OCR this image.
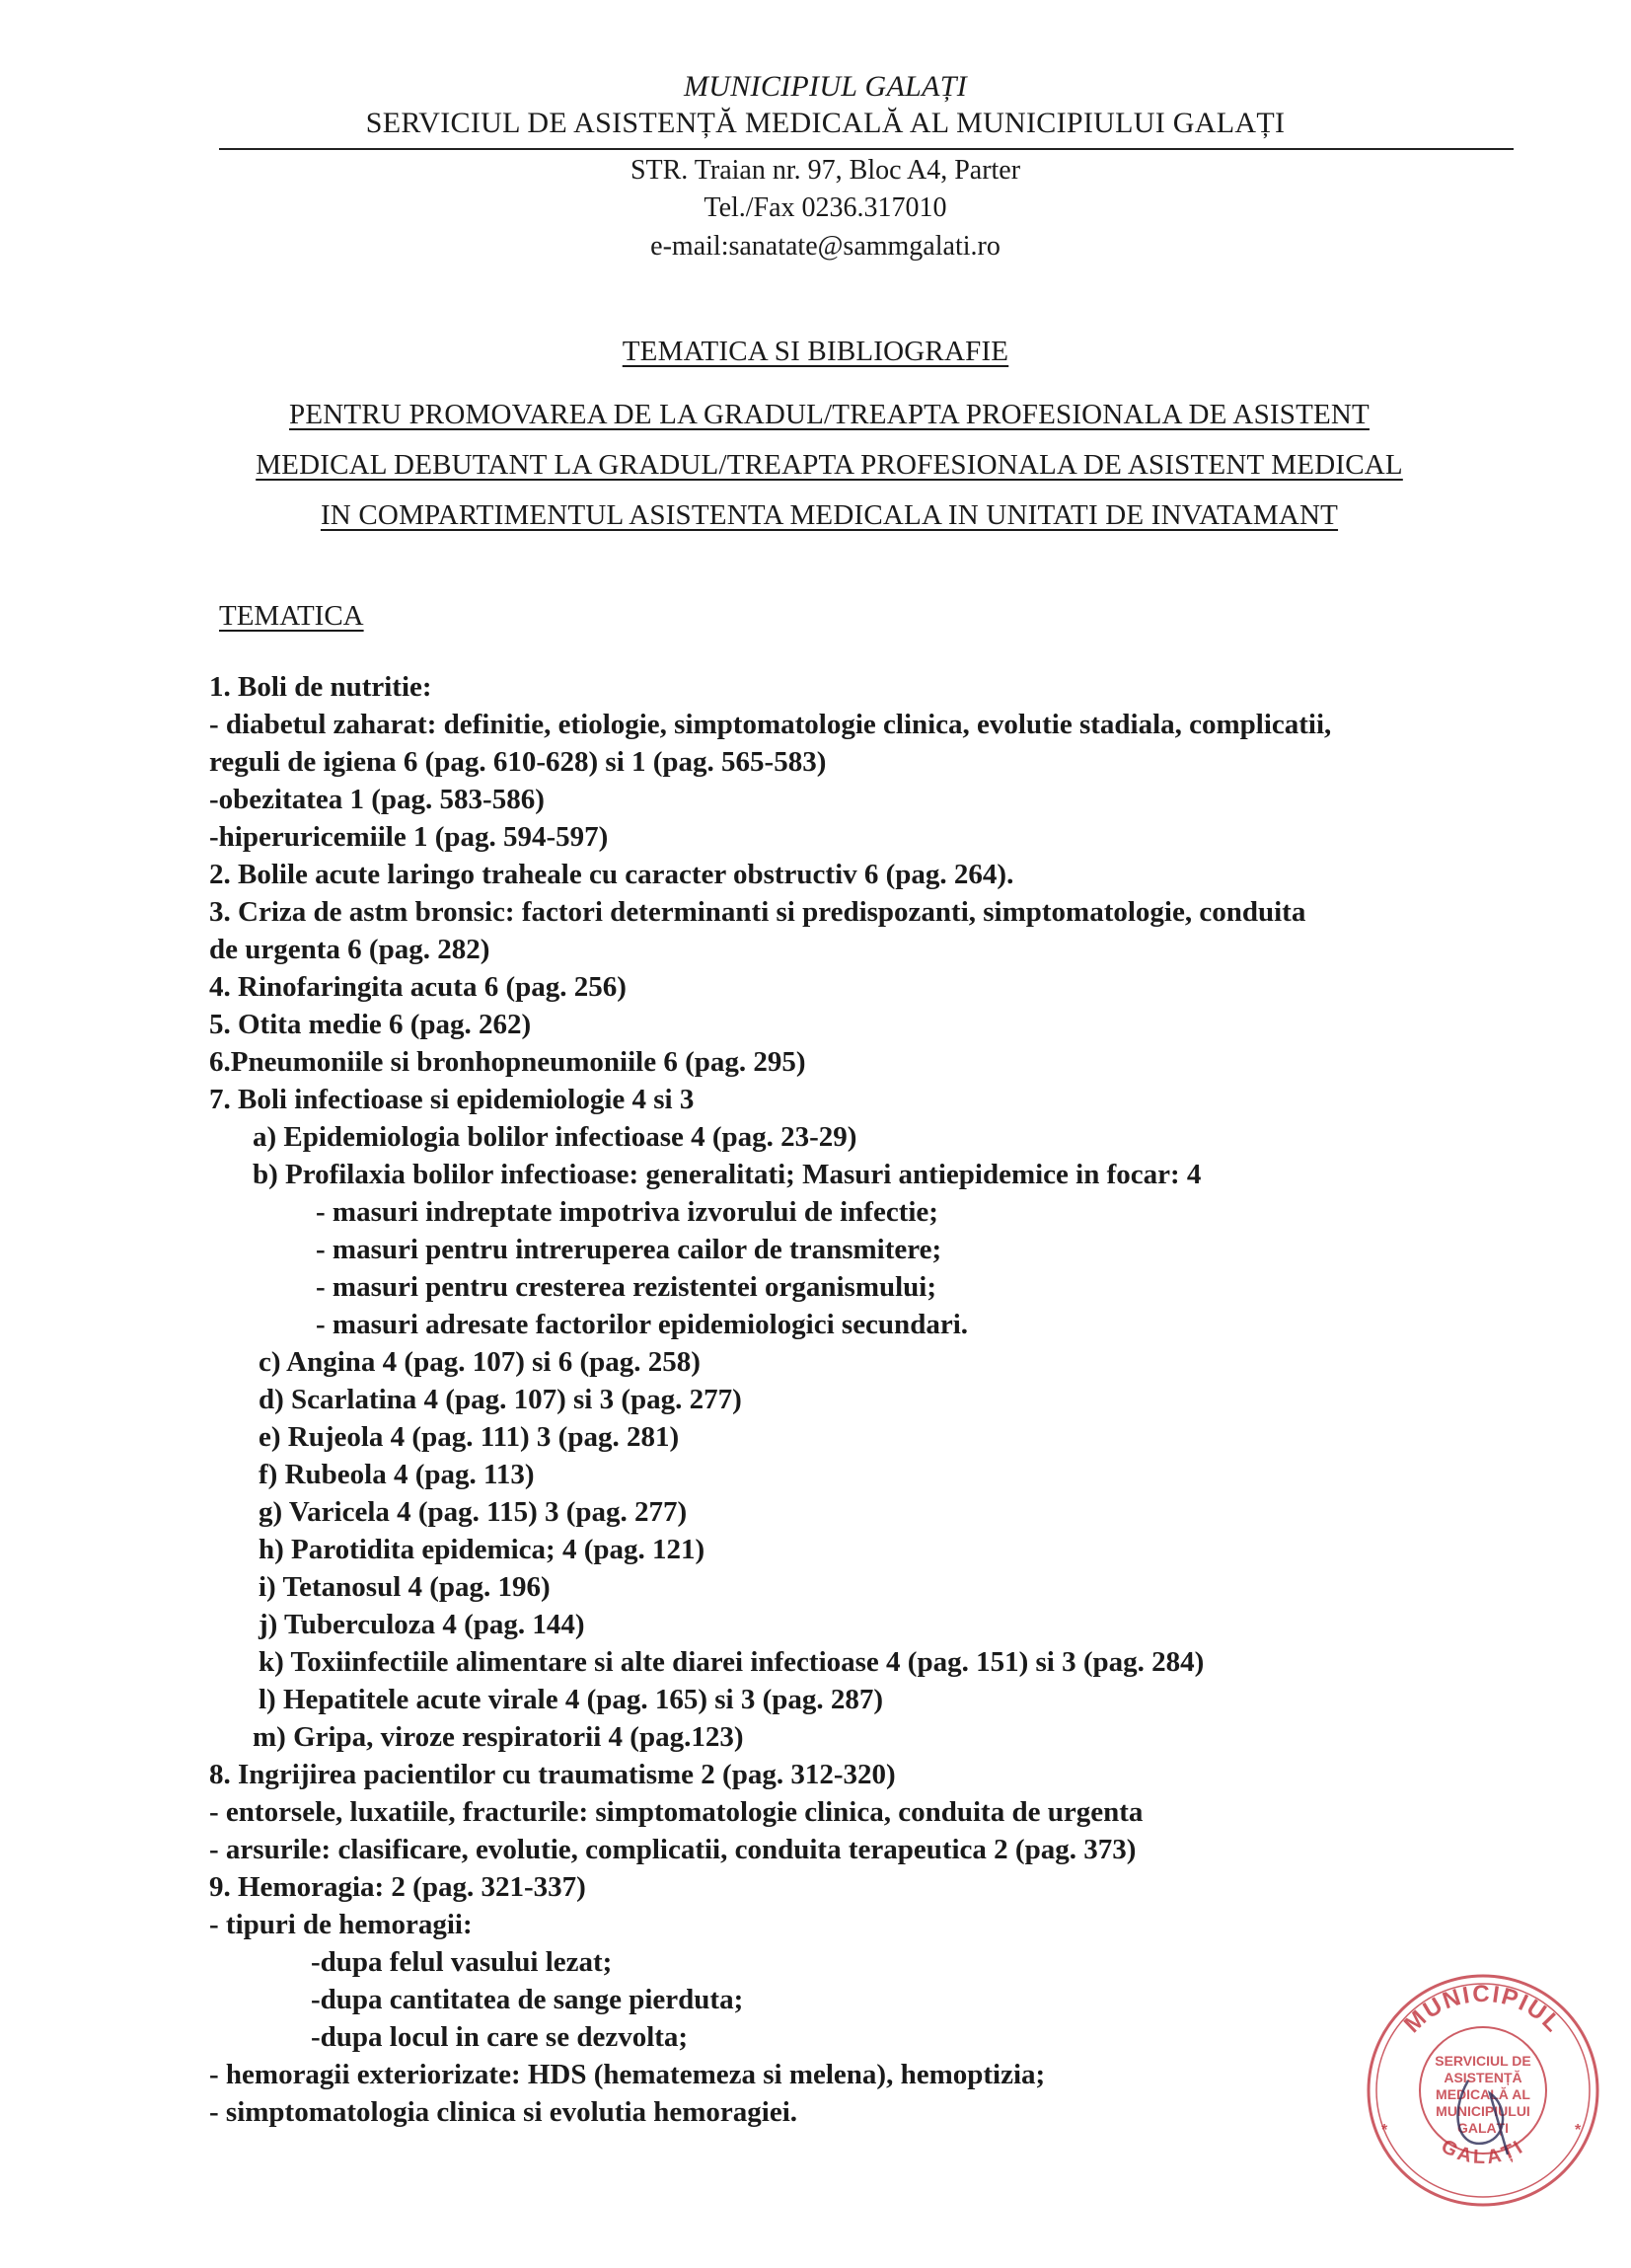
MUNICIPIUL GALAȚI
SERVICIUL DE ASISTENȚĂ MEDICALĂ AL MUNICIPIULUI GALAȚI
STR. Traian nr. 97, Bloc A4, Parter
Tel./Fax 0236.317010
e-mail:sanatate@sammgalati.ro
TEMATICA SI BIBLIOGRAFIE
PENTRU PROMOVAREA DE LA GRADUL/TREAPTA PROFESIONALA DE ASISTENT
MEDICAL DEBUTANT LA GRADUL/TREAPTA PROFESIONALA DE ASISTENT MEDICAL
IN COMPARTIMENTUL ASISTENTA MEDICALA IN UNITATI DE INVATAMANT
TEMATICA
1. Boli de nutritie:
- diabetul zaharat: definitie, etiologie, simptomatologie clinica, evolutie stadiala, complicatii,
reguli de igiena 6 (pag. 610-628) si 1 (pag. 565-583)
-obezitatea 1 (pag. 583-586)
-hiperuricemiile 1 (pag. 594-597)
2. Bolile acute laringo traheale cu caracter obstructiv 6 (pag. 264).
3. Criza de astm bronsic: factori determinanti si predispozanti, simptomatologie, conduita
de urgenta 6 (pag. 282)
4. Rinofaringita acuta 6 (pag. 256)
5. Otita medie 6 (pag. 262)
6.Pneumoniile si bronhopneumoniile 6 (pag. 295)
7. Boli infectioase si epidemiologie 4 si 3
a) Epidemiologia bolilor infectioase 4 (pag. 23-29)
b) Profilaxia bolilor infectioase: generalitati; Masuri antiepidemice in focar: 4
- masuri indreptate impotriva izvorului de infectie;
- masuri pentru intreruperea cailor de transmitere;
- masuri pentru cresterea rezistentei organismului;
- masuri adresate factorilor epidemiologici secundari.
c) Angina 4 (pag. 107) si 6 (pag. 258)
d) Scarlatina 4 (pag. 107) si 3 (pag. 277)
e) Rujeola 4 (pag. 111) 3 (pag. 281)
f) Rubeola 4 (pag. 113)
g) Varicela 4 (pag. 115) 3 (pag. 277)
h) Parotidita epidemica; 4 (pag. 121)
i) Tetanosul 4 (pag. 196)
j) Tuberculoza 4 (pag. 144)
k) Toxiinfectiile alimentare si alte diarei infectioase 4 (pag. 151) si 3 (pag. 284)
l) Hepatitele acute virale 4 (pag. 165) si 3 (pag. 287)
m) Gripa, viroze respiratorii 4 (pag.123)
8. Ingrijirea pacientilor cu traumatisme 2 (pag. 312-320)
- entorsele, luxatiile, fracturile: simptomatologie clinica, conduita de urgenta
- arsurile: clasificare, evolutie, complicatii, conduita terapeutica 2 (pag. 373)
9. Hemoragia: 2 (pag. 321-337)
- tipuri de hemoragii:
-dupa felul vasului lezat;
-dupa cantitatea de sange pierduta;
-dupa locul in care se dezvolta;
- hemoragii exteriorizate: HDS (hematemeza si melena), hemoptizia;
- simptomatologia clinica si evolutia hemoragiei.
MUNICIPIUL
GALAȚI
SERVICIUL DE
ASISTENȚĂ
MEDICALĂ AL
MUNICIPIULUI
GALAȚI
*	*
